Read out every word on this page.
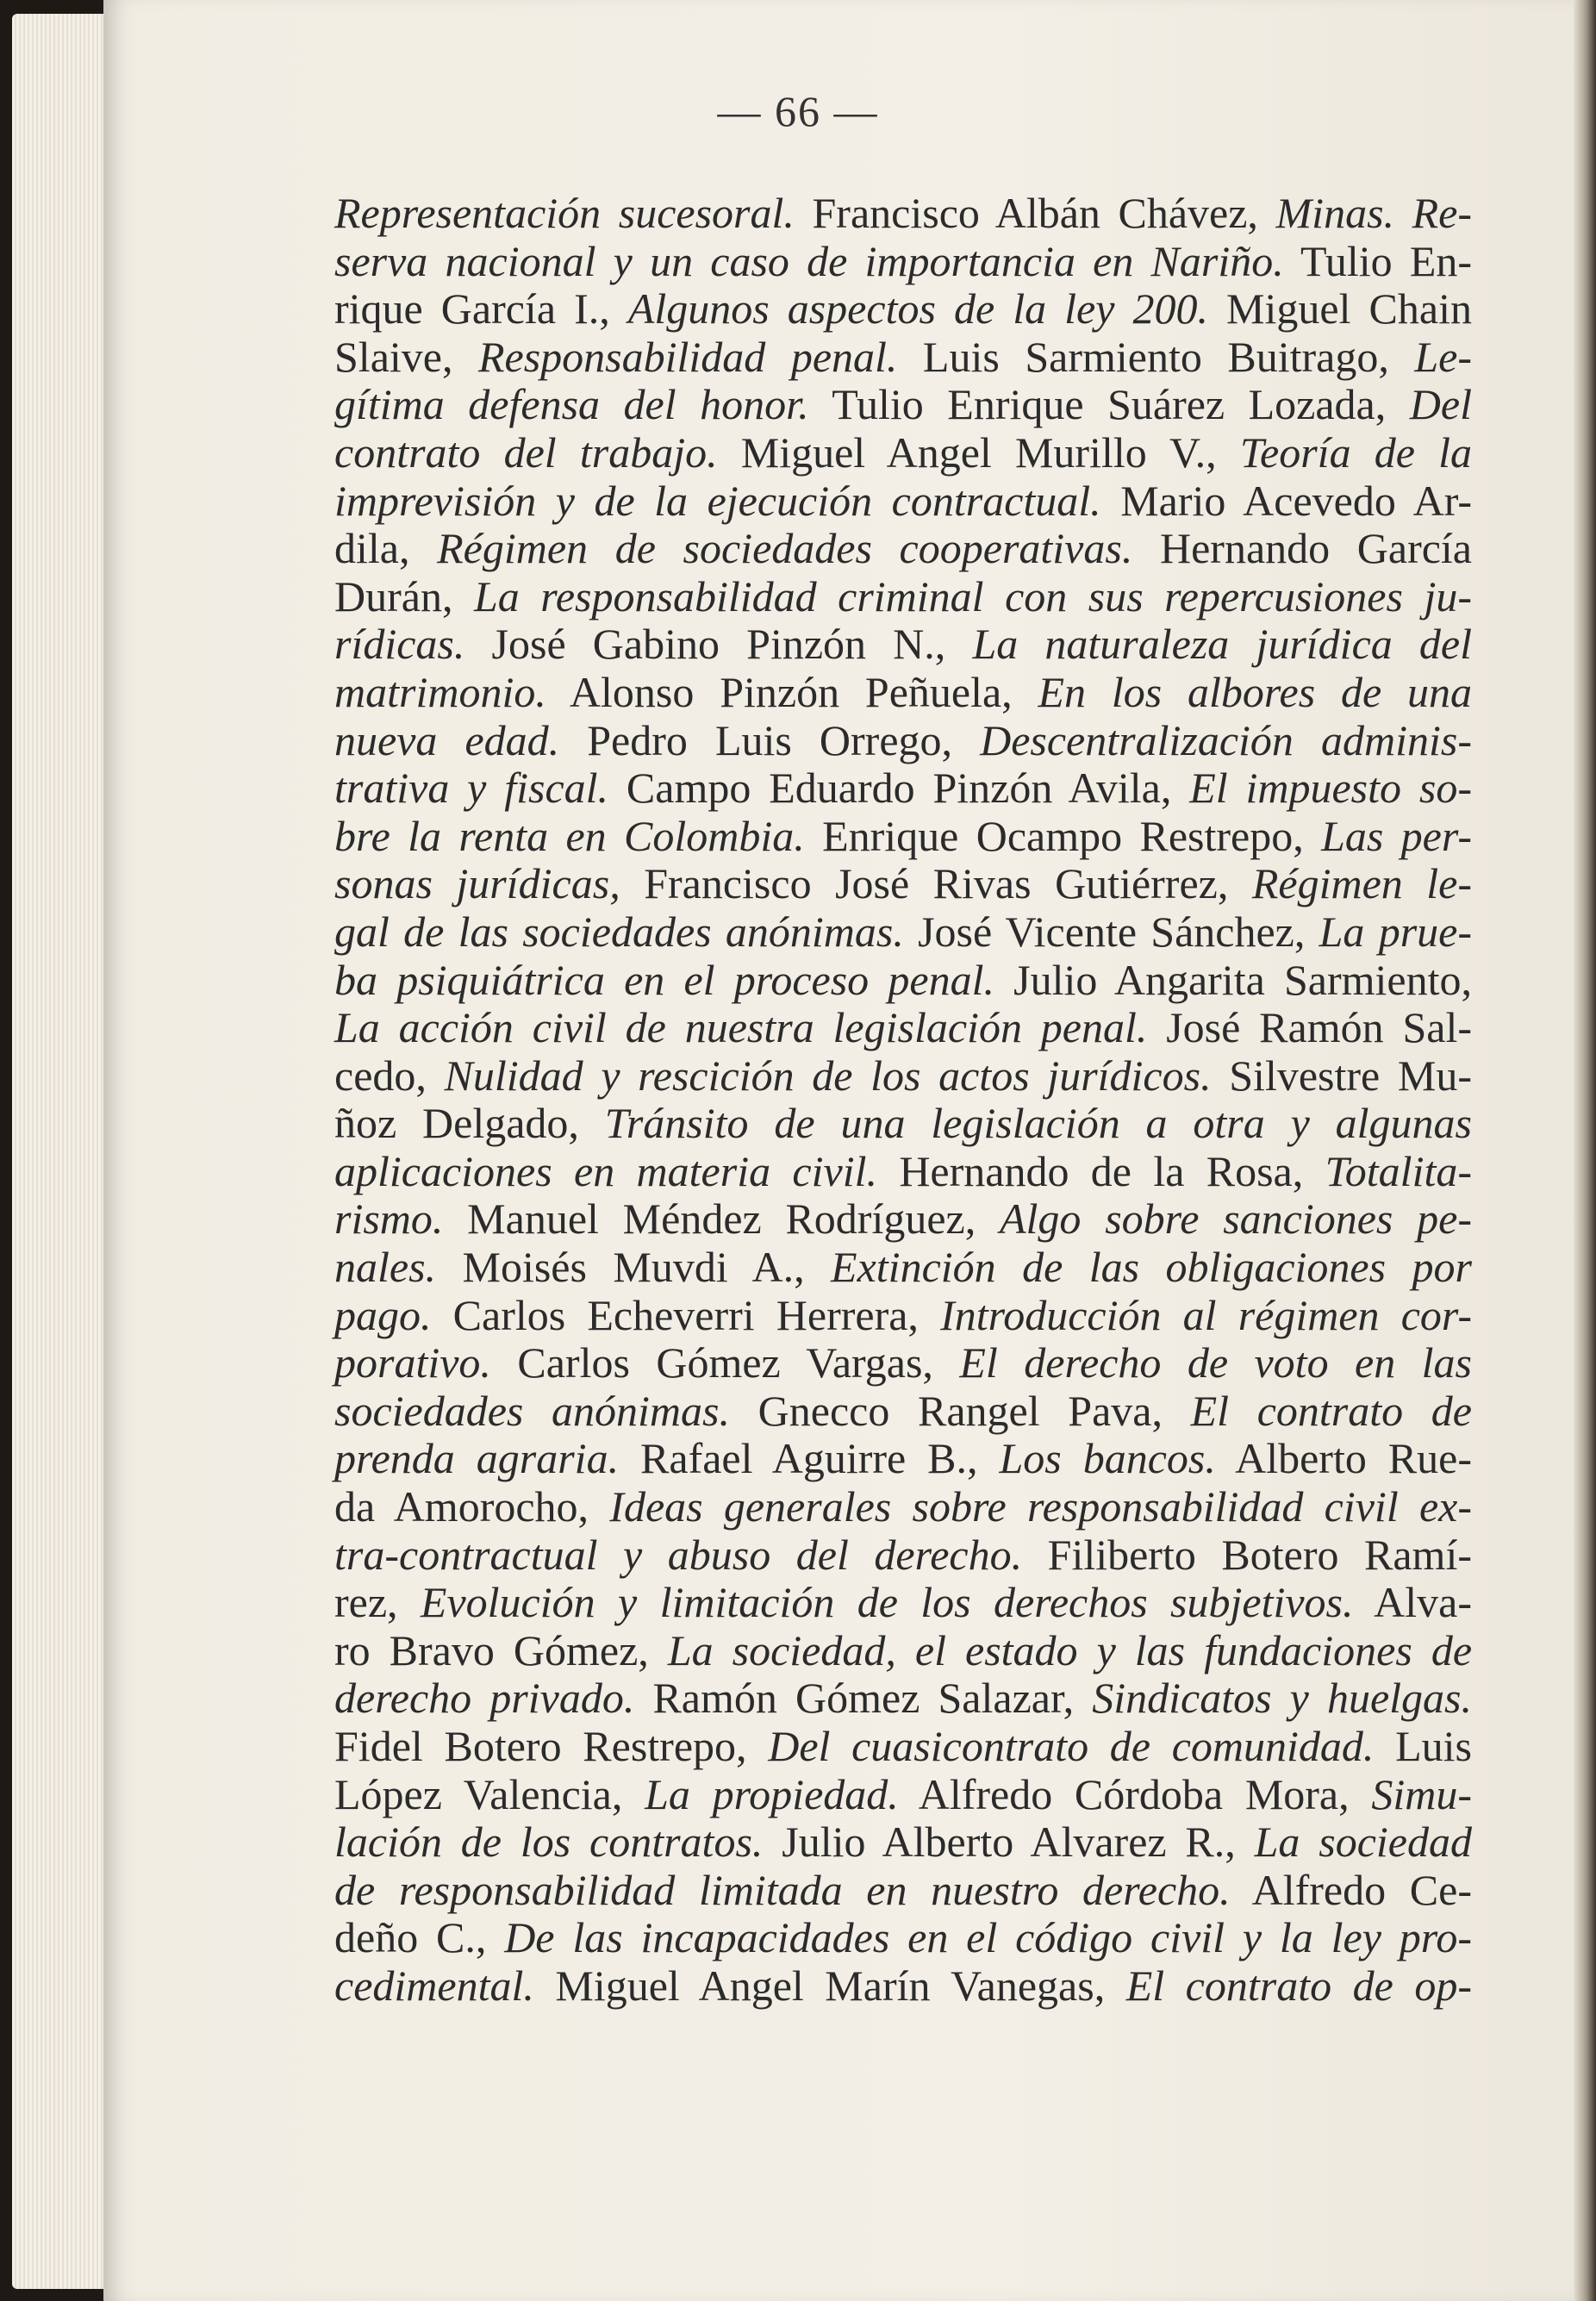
— 66 —
Representación sucesoral. Francisco Albán Chávez, Minas. Re-
serva nacional y un caso de importancia en Nariño. Tulio En-
rique García I., Algunos aspectos de la ley 200. Miguel Chain
Slaive, Responsabilidad penal. Luis Sarmiento Buitrago, Le-
gítima defensa del honor. Tulio Enrique Suárez Lozada, Del
contrato del trabajo. Miguel Angel Murillo V., Teoría de la
imprevisión y de la ejecución contractual. Mario Acevedo Ar-
dila, Régimen de sociedades cooperativas. Hernando García
Durán, La responsabilidad criminal con sus repercusiones ju-
rídicas. José Gabino Pinzón N., La naturaleza jurídica del
matrimonio. Alonso Pinzón Peñuela, En los albores de una
nueva edad. Pedro Luis Orrego, Descentralización adminis-
trativa y fiscal. Campo Eduardo Pinzón Avila, El impuesto so-
bre la renta en Colombia. Enrique Ocampo Restrepo, Las per-
sonas jurídicas, Francisco José Rivas Gutiérrez, Régimen le-
gal de las sociedades anónimas. José Vicente Sánchez, La prue-
ba psiquiátrica en el proceso penal. Julio Angarita Sarmiento,
La acción civil de nuestra legislación penal. José Ramón Sal-
cedo, Nulidad y rescición de los actos jurídicos. Silvestre Mu-
ñoz Delgado, Tránsito de una legislación a otra y algunas
aplicaciones en materia civil. Hernando de la Rosa, Totalita-
rismo. Manuel Méndez Rodríguez, Algo sobre sanciones pe-
nales. Moisés Muvdi A., Extinción de las obligaciones por
pago. Carlos Echeverri Herrera, Introducción al régimen cor-
porativo. Carlos Gómez Vargas, El derecho de voto en las
sociedades anónimas. Gnecco Rangel Pava, El contrato de
prenda agraria. Rafael Aguirre B., Los bancos. Alberto Rue-
da Amorocho, Ideas generales sobre responsabilidad civil ex-
tra-contractual y abuso del derecho. Filiberto Botero Ramí-
rez, Evolución y limitación de los derechos subjetivos. Alva-
ro Bravo Gómez, La sociedad, el estado y las fundaciones de
derecho privado. Ramón Gómez Salazar, Sindicatos y huelgas.
Fidel Botero Restrepo, Del cuasicontrato de comunidad. Luis
López Valencia, La propiedad. Alfredo Córdoba Mora, Simu-
lación de los contratos. Julio Alberto Alvarez R., La sociedad
de responsabilidad limitada en nuestro derecho. Alfredo Ce-
deño C., De las incapacidades en el código civil y la ley pro-
cedimental. Miguel Angel Marín Vanegas, El contrato de op-
